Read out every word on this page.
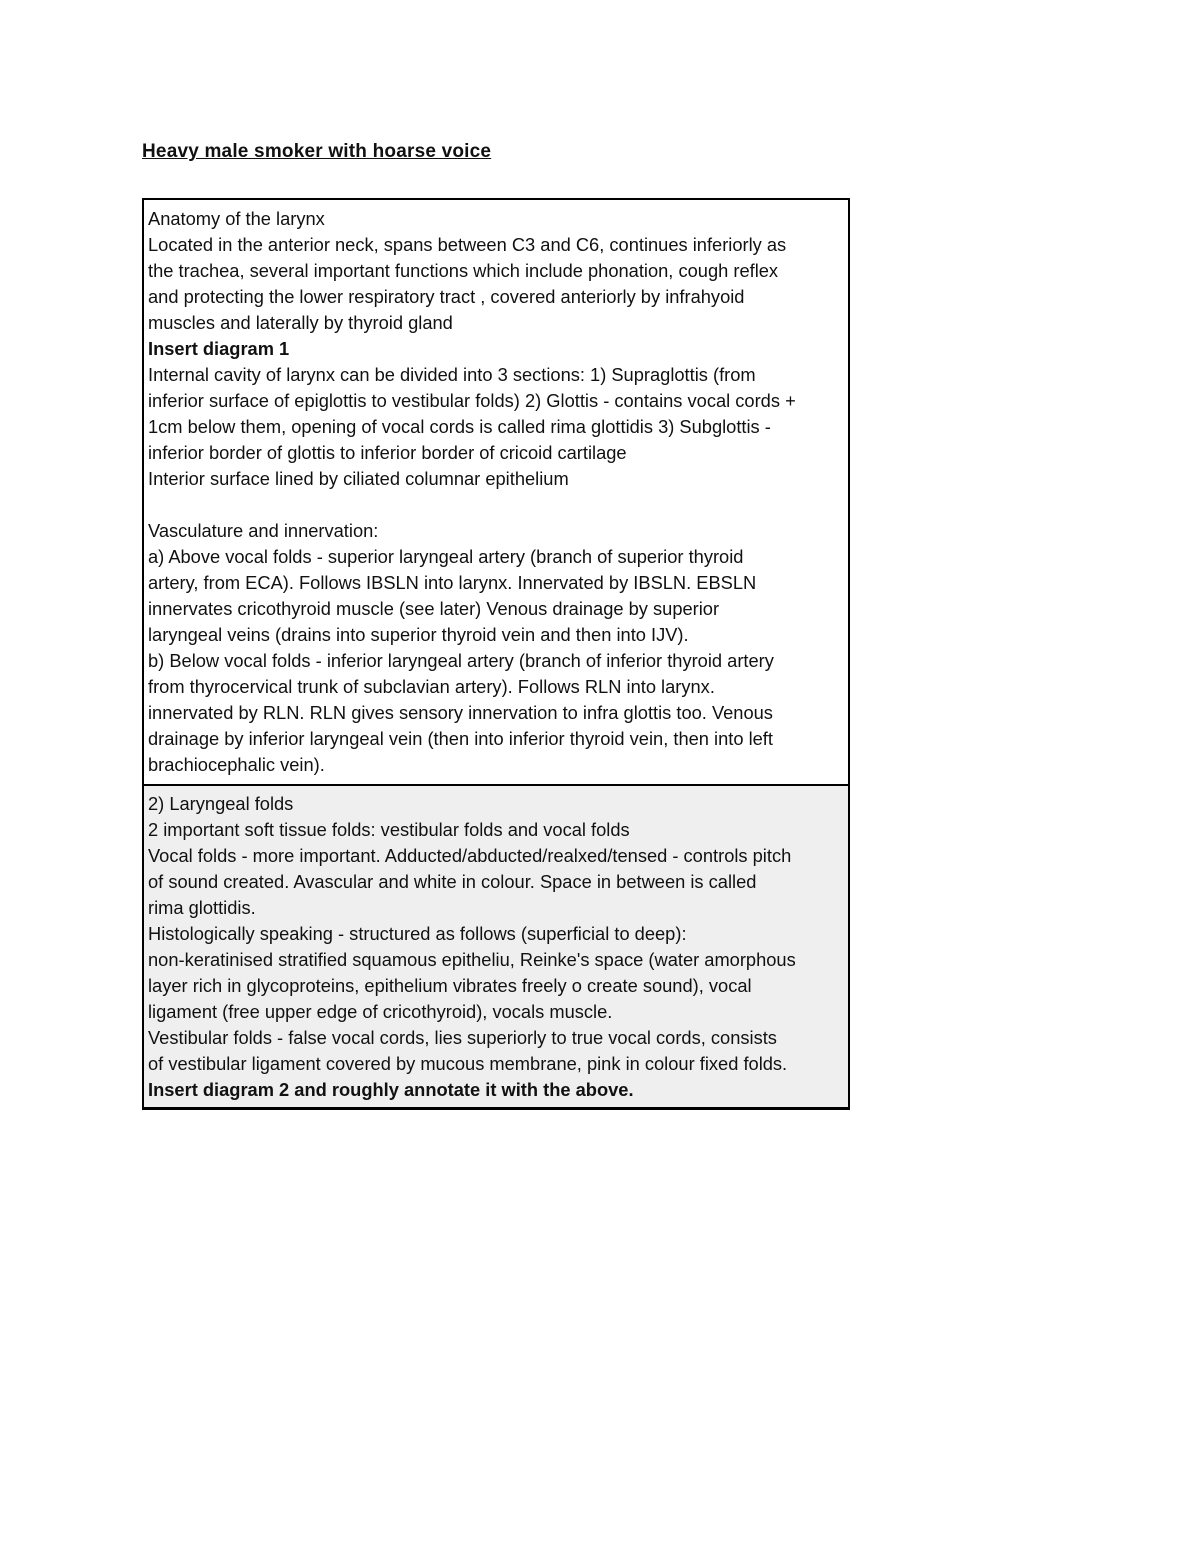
Heavy male smoker with hoarse voice
Anatomy of the larynx
Located in the anterior neck, spans between C3 and C6, continues inferiorly as
the trachea, several important functions which include phonation, cough reflex
and protecting the lower respiratory tract , covered anteriorly by infrahyoid
muscles and laterally by thyroid gland
Insert diagram 1
Internal cavity of larynx can be divided into 3 sections: 1) Supraglottis (from
inferior surface of epiglottis to vestibular folds) 2) Glottis - contains vocal cords +
1cm below them, opening of vocal cords is called rima glottidis 3) Subglottis -
inferior border of glottis to inferior border of cricoid cartilage
Interior surface lined by ciliated columnar epithelium
Vasculature and innervation:
a) Above vocal folds - superior laryngeal artery (branch of superior thyroid
artery, from ECA). Follows IBSLN into larynx. Innervated by IBSLN. EBSLN
innervates cricothyroid muscle (see later) Venous drainage by superior
laryngeal veins (drains into superior thyroid vein and then into IJV).
b) Below vocal folds - inferior laryngeal artery (branch of inferior thyroid artery
from thyrocervical trunk of subclavian artery). Follows RLN into larynx.
innervated by RLN. RLN gives sensory innervation to infra glottis too. Venous
drainage by inferior laryngeal vein (then into inferior thyroid vein, then into left
brachiocephalic vein).
2) Laryngeal folds
2 important soft tissue folds: vestibular folds and vocal folds
Vocal folds - more important. Adducted/abducted/realxed/tensed - controls pitch
of sound created. Avascular and white in colour. Space in between is called
rima glottidis.
Histologically speaking - structured as follows (superficial to deep):
non-keratinised stratified squamous epitheliu, Reinke's space (water amorphous
layer rich in glycoproteins, epithelium vibrates freely o create sound), vocal
ligament (free upper edge of cricothyroid), vocals muscle.
Vestibular folds - false vocal cords, lies superiorly to true vocal cords, consists
of vestibular ligament covered by mucous membrane, pink in colour fixed folds.
Insert diagram 2 and roughly annotate it with the above.
